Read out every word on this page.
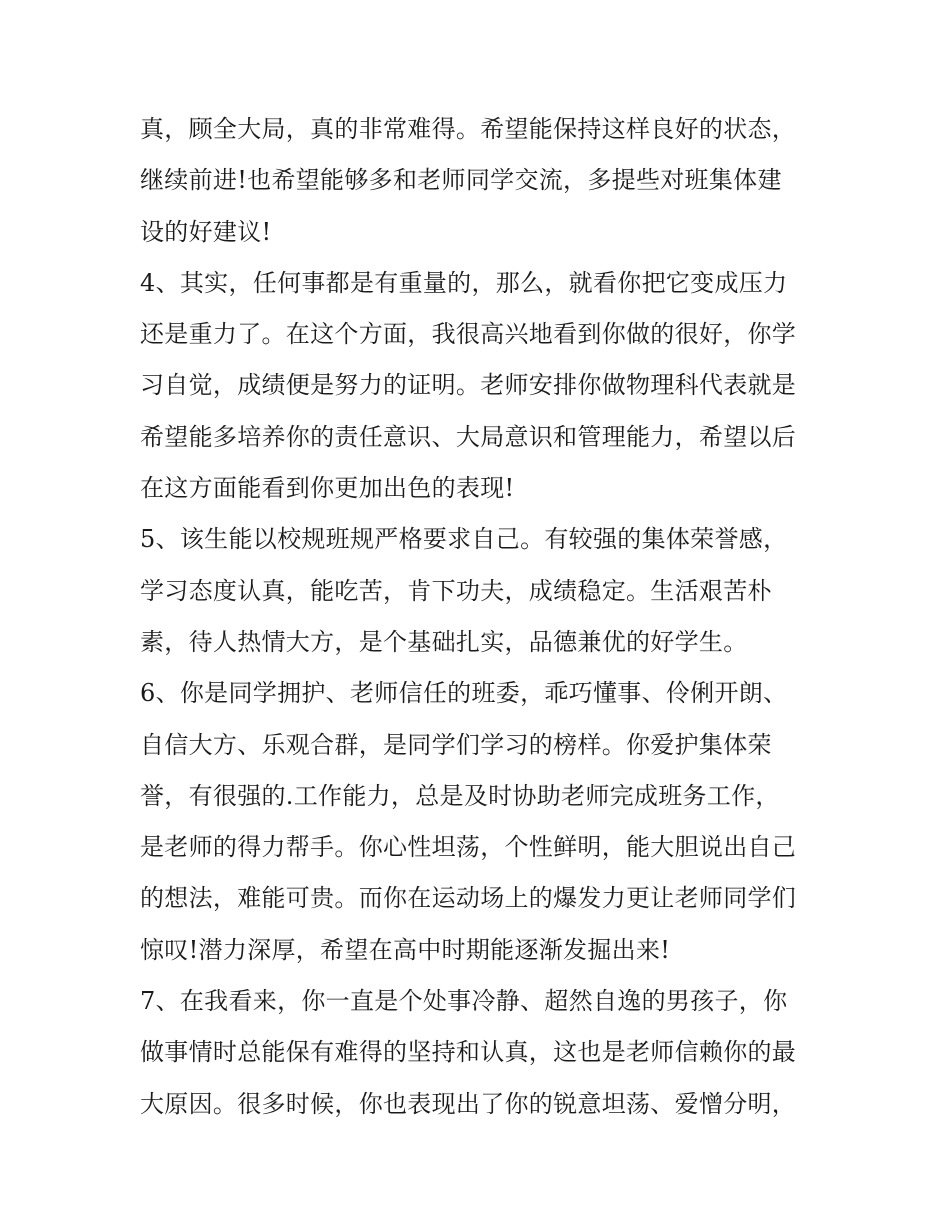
真，顾全大局，真的非常难得。希望能保持这样良好的状态，
继续前进!也希望能够多和老师同学交流，多提些对班集体建
设的好建议!
4、其实，任何事都是有重量的，那么，就看你把它变成压力
还是重力了。在这个方面，我很高兴地看到你做的很好，你学
习自觉，成绩便是努力的证明。老师安排你做物理科代表就是
希望能多培养你的责任意识、大局意识和管理能力，希望以后
在这方面能看到你更加出色的表现!
5、该生能以校规班规严格要求自己。有较强的集体荣誉感，
学习态度认真，能吃苦，肯下功夫，成绩稳定。生活艰苦朴
素，待人热情大方，是个基础扎实，品德兼优的好学生。
6、你是同学拥护、老师信任的班委，乖巧懂事、伶俐开朗、
自信大方、乐观合群，是同学们学习的榜样。你爱护集体荣
誉，有很强的.工作能力，总是及时协助老师完成班务工作，
是老师的得力帮手。你心性坦荡，个性鲜明，能大胆说出自己
的想法，难能可贵。而你在运动场上的爆发力更让老师同学们
惊叹!潜力深厚，希望在高中时期能逐渐发掘出来!
7、在我看来，你一直是个处事冷静、超然自逸的男孩子，你
做事情时总能保有难得的坚持和认真，这也是老师信赖你的最
大原因。很多时候，你也表现出了你的锐意坦荡、爱憎分明，
